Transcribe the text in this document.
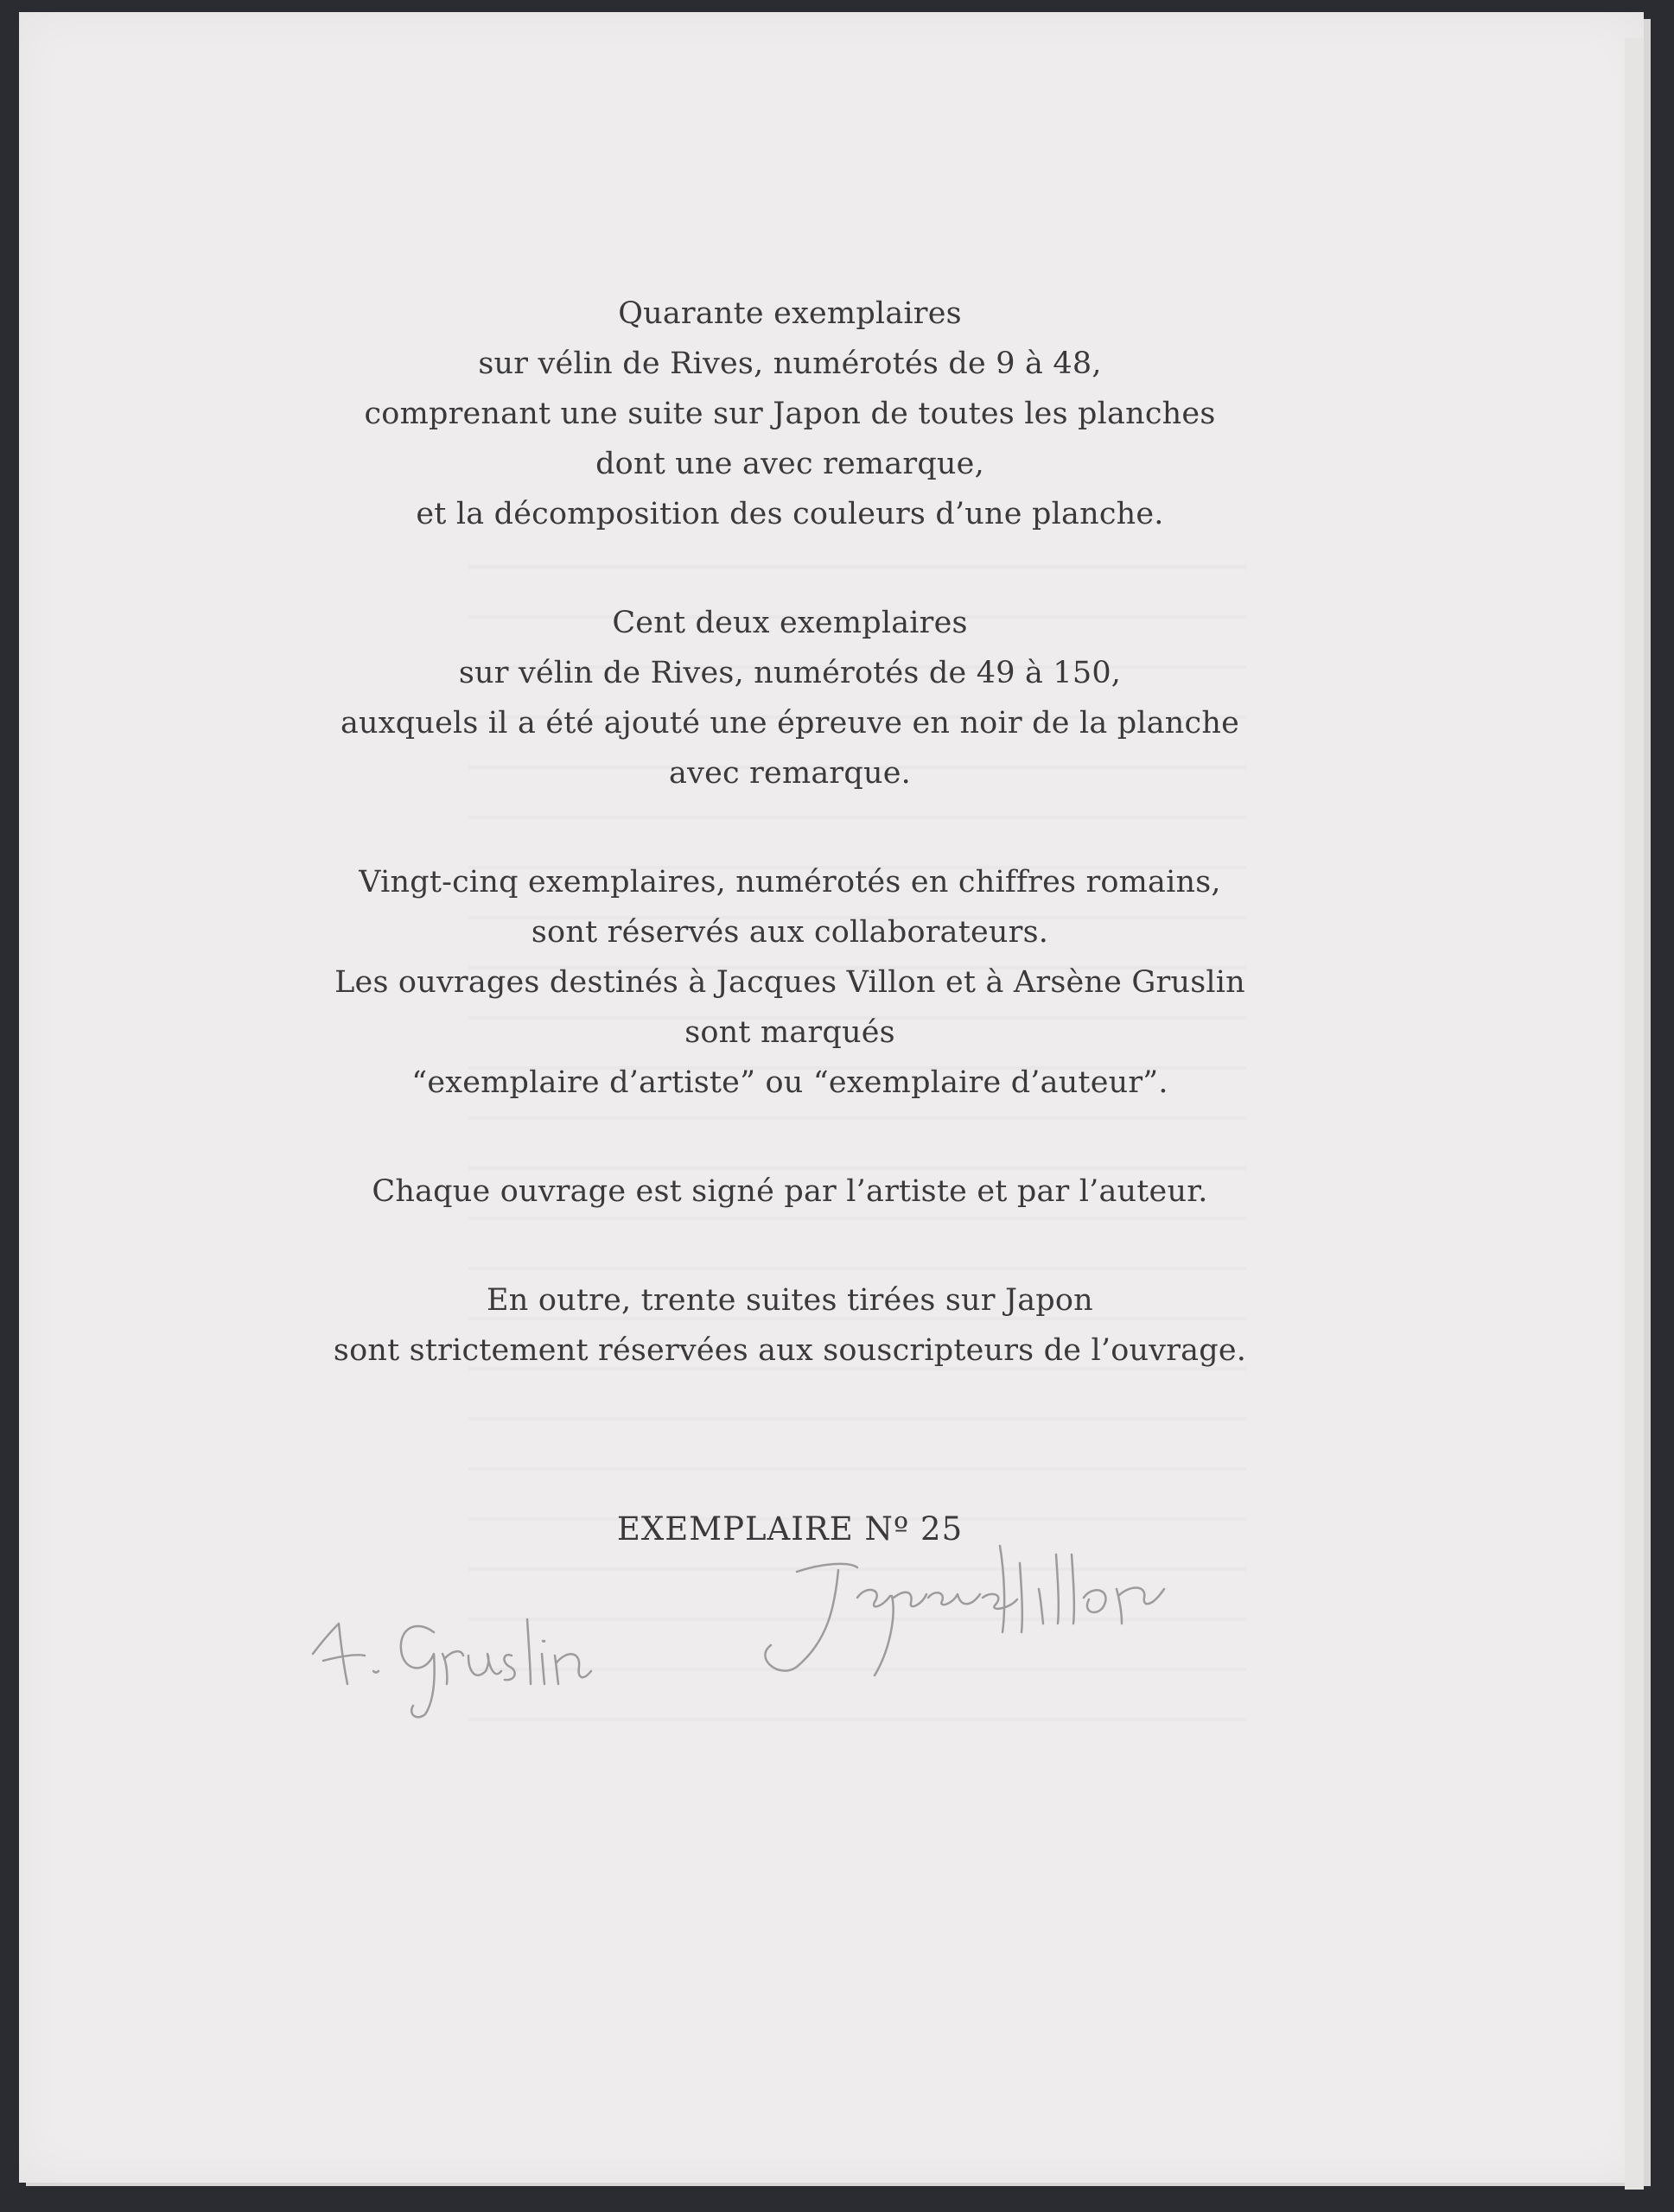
Quarante exemplaires
sur vélin de Rives, numérotés de 9 à 48,
comprenant une suite sur Japon de toutes les planches
dont une avec remarque,
et la décomposition des couleurs d’une planche.

Cent deux exemplaires
sur vélin de Rives, numérotés de 49 à 150,
auxquels il a été ajouté une épreuve en noir de la planche
avec remarque.

Vingt-cinq exemplaires, numérotés en chiffres romains,
sont réservés aux collaborateurs.
Les ouvrages destinés à Jacques Villon et à Arsène Gruslin
sont marqués
“exemplaire d’artiste” ou “exemplaire d’auteur”.

Chaque ouvrage est signé par l’artiste et par l’auteur.

En outre, trente suites tirées sur Japon
sont strictement réservées aux souscripteurs de l’ouvrage.

EXEMPLAIRE Nº 25
